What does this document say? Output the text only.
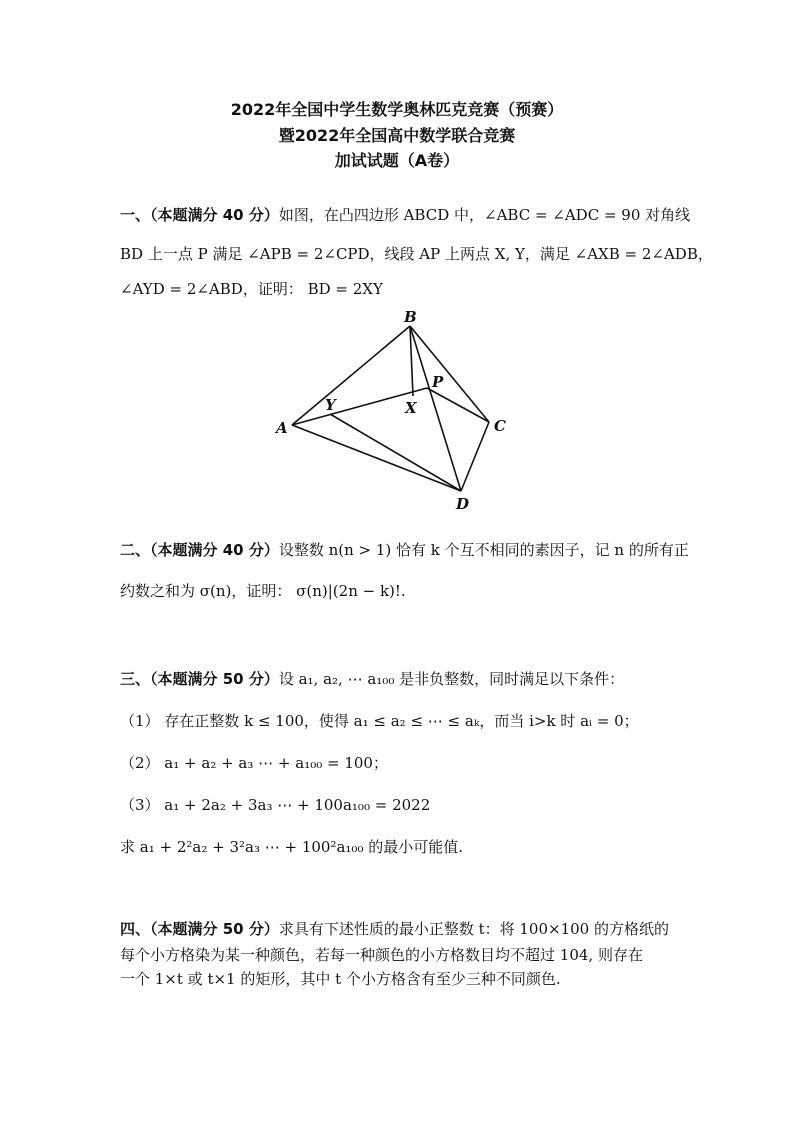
2022年全国中学生数学奥林匹克竞赛（预赛）
暨2022年全国高中数学联合竞赛
加试试题（A卷）
一、（本题满分 40 分）如图，在凸四边形 ABCD 中，∠ABC = ∠ADC = 90 对角线
BD 上一点 P 满足 ∠APB = 2∠CPD，线段 AP 上两点 X, Y，满足 ∠AXB = 2∠ADB，
∠AYD = 2∠ABD，证明： BD = 2XY
A
B
C
D
P
X
Y
二、（本题满分 40 分）设整数 n(n > 1) 恰有 k 个互不相同的素因子，记 n 的所有正
约数之和为 σ(n)，证明： σ(n)|(2n − k)!.
三、（本题满分 50 分）设 a₁, a₂, ⋯ a₁₀₀ 是非负整数，同时满足以下条件：
（1） 存在正整数 k ≤ 100，使得 a₁ ≤ a₂ ≤ ⋯ ≤ aₖ，而当 i>k 时 aᵢ = 0；
（2） a₁ + a₂ + a₃ ⋯ + a₁₀₀ = 100；
（3） a₁ + 2a₂ + 3a₃ ⋯ + 100a₁₀₀ = 2022
求 a₁ + 2²a₂ + 3²a₃ ⋯ + 100²a₁₀₀ 的最小可能值.
四、（本题满分 50 分）求具有下述性质的最小正整数 t：将 100×100 的方格纸的
每个小方格染为某一种颜色，若每一种颜色的小方格数目均不超过 104, 则存在
一个 1×t 或 t×1 的矩形，其中 t 个小方格含有至少三种不同颜色.
